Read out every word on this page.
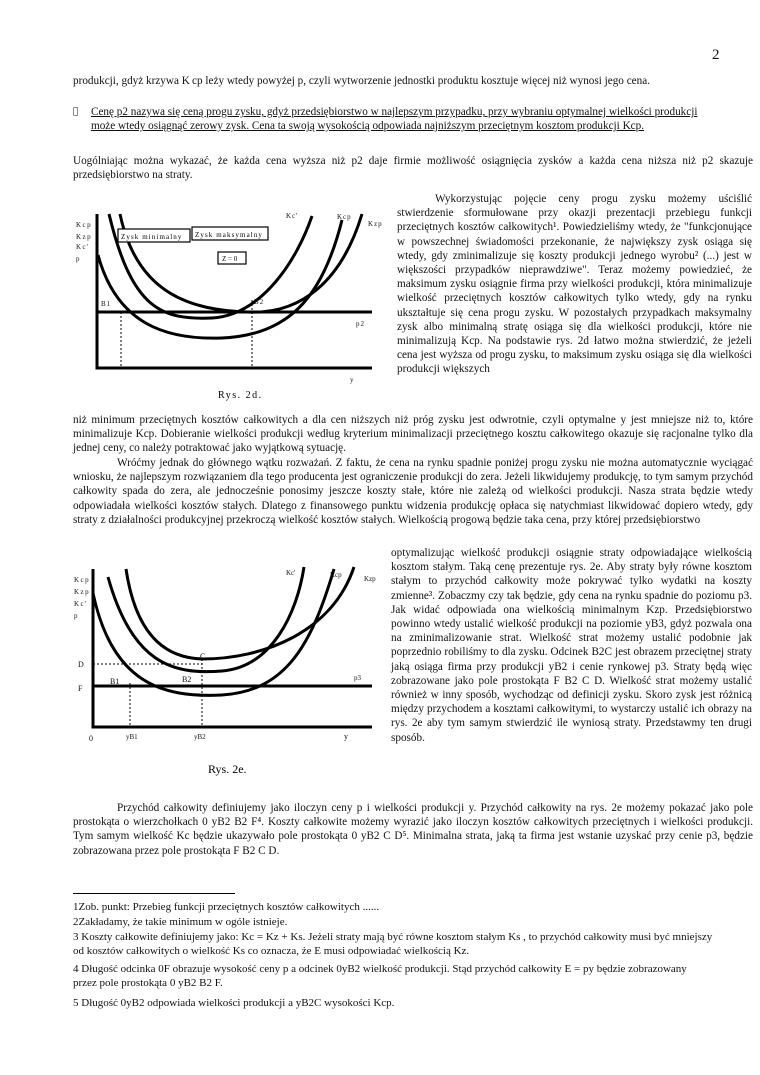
2

produkcji, gdyż krzywa K cp leży wtedy powyżej p, czyli wytworzenie jednostki produktu kosztuje więcej niż wynosi jego cena.

Cenę p2 nazywa się ceną progu zysku, gdyż przedsiębiorstwo w najlepszym przypadku, przy wybraniu optymalnej wielkości produkcji może wtedy osiągnąć zerowy zysk. Cena ta swoją wysokością odpowiada najniższym przeciętnym kosztom produkcji Kcp.

Uogólniając można wykazać, że każda cena wyższa niż p2 daje firmie możliwość osiągnięcia zysków a każda cena niższa niż p2 skazuje przedsiębiorstwo na straty.

Kcp
Kzp
Kc'
p
Zysk minimalny Zysk maksymalny
Z = 0
Kc'	Kcp
Kzp
B1	B2
p2
y
Rys. 2d.
Wykorzystując pojęcie ceny progu zysku możemy uściślić stwierdzenie sformułowane przy okazji prezentacji przebiegu funkcji przeciętnych kosztów całkowitych¹. Powiedzieliśmy wtedy, że "funkcjonujące w powszechnej świadomości przekonanie, że największy zysk osiąga się wtedy, gdy zminimalizuje się koszty produkcji jednego wyrobu² (...) jest w większości przypadków nieprawdziwe". Teraz możemy powiedzieć, że maksimum zysku osiągnie firma przy wielkości produkcji, która minimalizuje wielkość przeciętnych kosztów całkowitych tylko wtedy, gdy na rynku ukształtuje się cena progu zysku. W pozostałych przypadkach maksymalny zysk albo minimalną stratę osiąga się dla wielkości produkcji, które nie minimalizują Kcp. Na podstawie rys. 2d łatwo można stwierdzić, że jeżeli cena jest wyższa od progu zysku, to maksimum zysku osiąga się dla wielkości produkcji większych

niż minimum przeciętnych kosztów całkowitych a dla cen niższych niż próg zysku jest odwrotnie, czyli optymalne y jest mniejsze niż to, które minimalizuje Kcp. Dobieranie wielkości produkcji według kryterium minimalizacji przeciętnego kosztu całkowitego okazuje się racjonalne tylko dla jednej ceny, co należy potraktować jako wyjątkową sytuację.

Wróćmy jednak do głównego wątku rozważań. Z faktu, że cena na rynku spadnie poniżej progu zysku nie można automatycznie wyciągać wniosku, że najlepszym rozwiązaniem dla tego producenta jest ograniczenie produkcji do zera. Jeżeli likwidujemy produkcję, to tym samym przychód całkowity spada do zera, ale jednocześnie ponosimy jeszcze koszty stałe, które nie zależą od wielkości produkcji. Nasza strata będzie wtedy odpowiadała wielkości kosztów stałych. Dlatego z finansowego punktu widzenia produkcję opłaca się natychmiast likwidować dopiero wtedy, gdy straty z działalności produkcyjnej przekroczą wielkość kosztów stałych. Wielkością progową będzie taka cena, przy której przedsiębiorstwo

Kcp
Kzp
Kc'
p
Kc'	Kcp	Kzp
D
F
C
B1	B2	p3
0	yB1	yB2	y
Rys. 2e.
optymalizując wielkość produkcji osiągnie straty odpowiadające wielkością kosztom stałym. Taką cenę prezentuje rys. 2e. Aby straty były równe kosztom stałym to przychód całkowity może pokrywać tylko wydatki na koszty zmienne³. Zobaczmy czy tak będzie, gdy cena na rynku spadnie do poziomu p3. Jak widać odpowiada ona wielkością minimalnym Kzp. Przedsiębiorstwo powinno wtedy ustalić wielkość produkcji na poziomie yB3, gdyż pozwala ona na zminimalizowanie strat. Wielkość strat możemy ustalić podobnie jak poprzednio robiliśmy to dla zysku. Odcinek B2C jest obrazem przeciętnej straty jaką osiąga firma przy produkcji yB2 i cenie rynkowej p3. Straty będą więc zobrazowane jako pole prostokąta F B2 C D. Wielkość strat możemy ustalić również w inny sposób, wychodząc od definicji zysku. Skoro zysk jest różnicą między przychodem a kosztami całkowitymi, to wystarczy ustalić ich obrazy na rys. 2e aby tym samym stwierdzić ile wyniosą straty. Przedstawmy ten drugi sposób.

Przychód całkowity definiujemy jako iloczyn ceny p i wielkości produkcji y. Przychód całkowity na rys. 2e możemy pokazać jako pole prostokąta o wierzchołkach 0 yB2 B2 F⁴. Koszty całkowite możemy wyrazić jako iloczyn kosztów całkowitych przeciętnych i wielkości produkcji. Tym samym wielkość Kc będzie ukazywało pole prostokąta 0 yB2 C D⁵. Minimalna strata, jaką ta firma jest wstanie uzyskać przy cenie p3, będzie zobrazowana przez pole prostokąta F B2 C D.

1Zob. punkt: Przebieg funkcji przeciętnych kosztów całkowitych ......
2Zakładamy, że takie minimum w ogóle istnieje.
3 Koszty całkowite definiujemy jako: Kc = Kz + Ks. Jeżeli straty mają być równe kosztom stałym Ks , to przychód całkowity musi być mniejszy od kosztów całkowitych o wielkość Ks co oznacza, że E musi odpowiadać wielkością Kz.
4 Długość odcinka 0F obrazuje wysokość ceny p a odcinek 0yB2 wielkość produkcji. Stąd przychód całkowity E = py będzie zobrazowany przez pole prostokąta 0 yB2 B2 F.
5 Długość 0yB2 odpowiada wielkości produkcji a yB2C wysokości Kcp.
